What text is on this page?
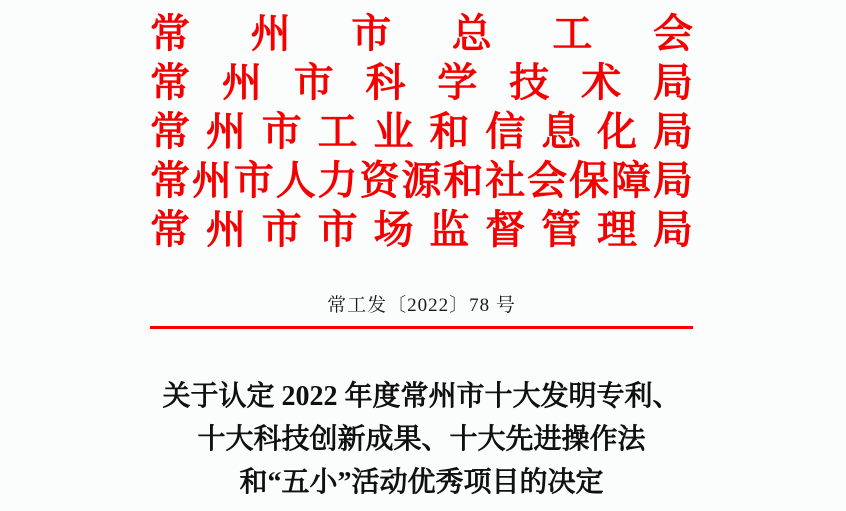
常 州 市 总 工 会
常 州 市 科 学 技 术 局
常 州 市 工 业 和 信 息 化 局
常 州 市 人 力 资 源 和 社 会 保 障 局
常 州 市 市 场 监 督 管 理 局
常工发〔2022〕78 号
关于认定 2022 年度常州市十大发明专利、
十大科技创新成果、十大先进操作法
和“五小”活动优秀项目的决定
